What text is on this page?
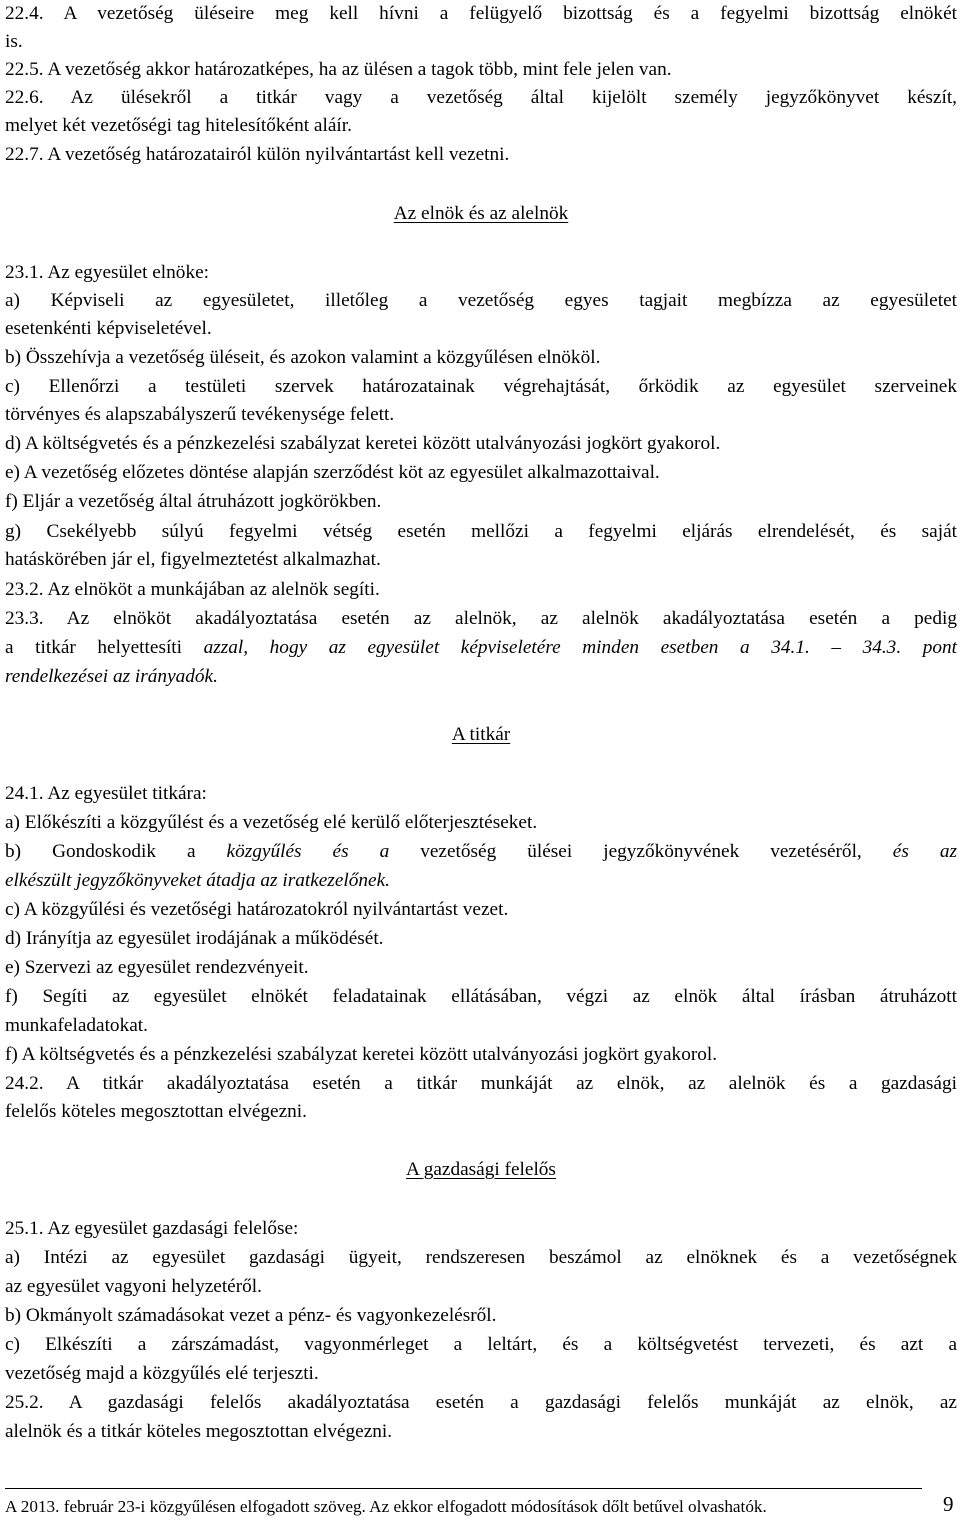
22.4. A vezetőség üléseire meg kell hívni a felügyelő bizottság és a fegyelmi bizottság elnökét
is.
22.5. A vezetőség akkor határozatképes, ha az ülésen a tagok több, mint fele jelen van.
22.6. Az ülésekről a titkár vagy a vezetőség által kijelölt személy jegyzőkönyvet készít,
melyet két vezetőségi tag hitelesítőként aláír.
22.7. A vezetőség határozatairól külön nyilvántartást kell vezetni.
Az elnök és az alelnök
23.1. Az egyesület elnöke:
a) Képviseli az egyesületet, illetőleg a vezetőség egyes tagjait megbízza az egyesületet
esetenkénti képviseletével.
b) Összehívja a vezetőség üléseit, és azokon valamint a közgyűlésen elnököl.
c) Ellenőrzi a testületi szervek határozatainak végrehajtását, őrködik az egyesület szerveinek
törvényes és alapszabályszerű tevékenysége felett.
d) A költségvetés és a pénzkezelési szabályzat keretei között utalványozási jogkört gyakorol.
e) A vezetőség előzetes döntése alapján szerződést köt az egyesület alkalmazottaival.
f) Eljár a vezetőség által átruházott jogkörökben.
g) Csekélyebb súlyú fegyelmi vétség esetén mellőzi a fegyelmi eljárás elrendelését, és saját
hatáskörében jár el, figyelmeztetést alkalmazhat.
23.2. Az elnököt a munkájában az alelnök segíti.
23.3. Az elnököt akadályoztatása esetén az alelnök, az alelnök akadályoztatása esetén a pedig
a titkár helyettesíti azzal, hogy az egyesület képviseletére minden esetben a 34.1. – 34.3. pont
rendelkezései az irányadók.
A titkár
24.1. Az egyesület titkára:
a) Előkészíti a közgyűlést és a vezetőség elé kerülő előterjesztéseket.
b) Gondoskodik a közgyűlés és a vezetőség ülései jegyzőkönyvének vezetéséről, és az
elkészült jegyzőkönyveket átadja az iratkezelőnek.
c) A közgyűlési és vezetőségi határozatokról nyilvántartást vezet.
d) Irányítja az egyesület irodájának a működését.
e) Szervezi az egyesület rendezvényeit.
f) Segíti az egyesület elnökét feladatainak ellátásában, végzi az elnök által írásban átruházott
munkafeladatokat.
f) A költségvetés és a pénzkezelési szabályzat keretei között utalványozási jogkört gyakorol.
24.2. A titkár akadályoztatása esetén a titkár munkáját az elnök, az alelnök és a gazdasági
felelős köteles megosztottan elvégezni.
A gazdasági felelős
25.1. Az egyesület gazdasági felelőse:
a) Intézi az egyesület gazdasági ügyeit, rendszeresen beszámol az elnöknek és a vezetőségnek
az egyesület vagyoni helyzetéről.
b) Okmányolt számadásokat vezet a pénz- és vagyonkezelésről.
c) Elkészíti a zárszámadást, vagyonmérleget a leltárt, és a költségvetést tervezeti, és azt a
vezetőség majd a közgyűlés elé terjeszti.
25.2. A gazdasági felelős akadályoztatása esetén a gazdasági felelős munkáját az elnök, az
alelnök és a titkár köteles megosztottan elvégezni.
A 2013. február 23-i közgyűlésen elfogadott szöveg. Az ekkor elfogadott módosítások dőlt betűvel olvashatók.	9
